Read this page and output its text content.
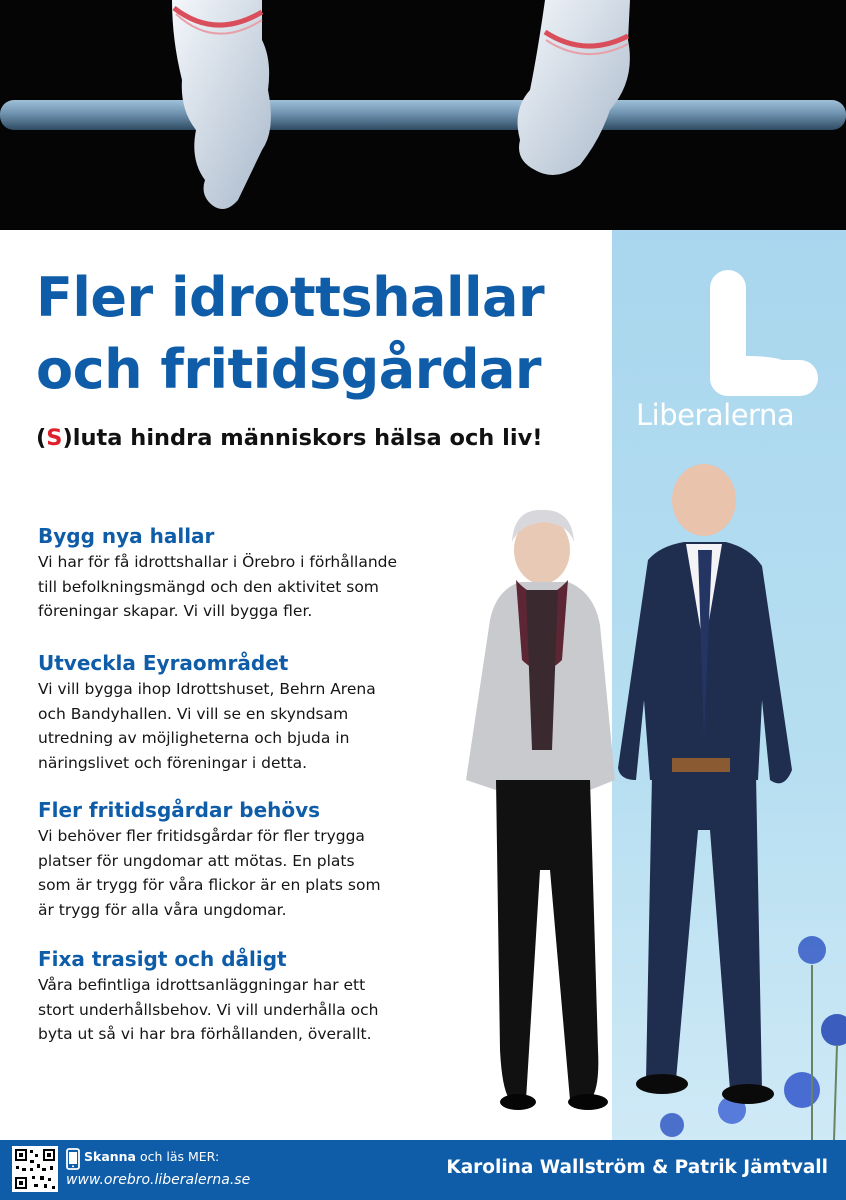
Liberalerna
Fler idrottshallar
och fritidsgårdar
(S)luta hindra människors hälsa och liv!
Bygg nya hallar

Vi har för få idrottshallar i Örebro i förhållande

till befolkningsmängd och den aktivitet som

föreningar skapar. Vi vill bygga fler.

Utveckla Eyraområdet

Vi vill bygga ihop Idrottshuset, Behrn Arena

och Bandyhallen. Vi vill se en skyndsam

utredning av möjligheterna och bjuda in

näringslivet och föreningar i detta.

Fler fritidsgårdar behövs

Vi behöver fler fritidsgårdar för fler trygga

platser för ungdomar att mötas. En plats

som är trygg för våra flickor är en plats som

är trygg för alla våra ungdomar.

Fixa trasigt och dåligt

Våra befintliga idrottsanläggningar har ett

stort underhållsbehov. Vi vill underhålla och

byta ut så vi har bra förhållanden, överallt.

Skanna och läs MER:
www.orebro.liberalerna.se
Karolina Wallström & Patrik Jämtvall
